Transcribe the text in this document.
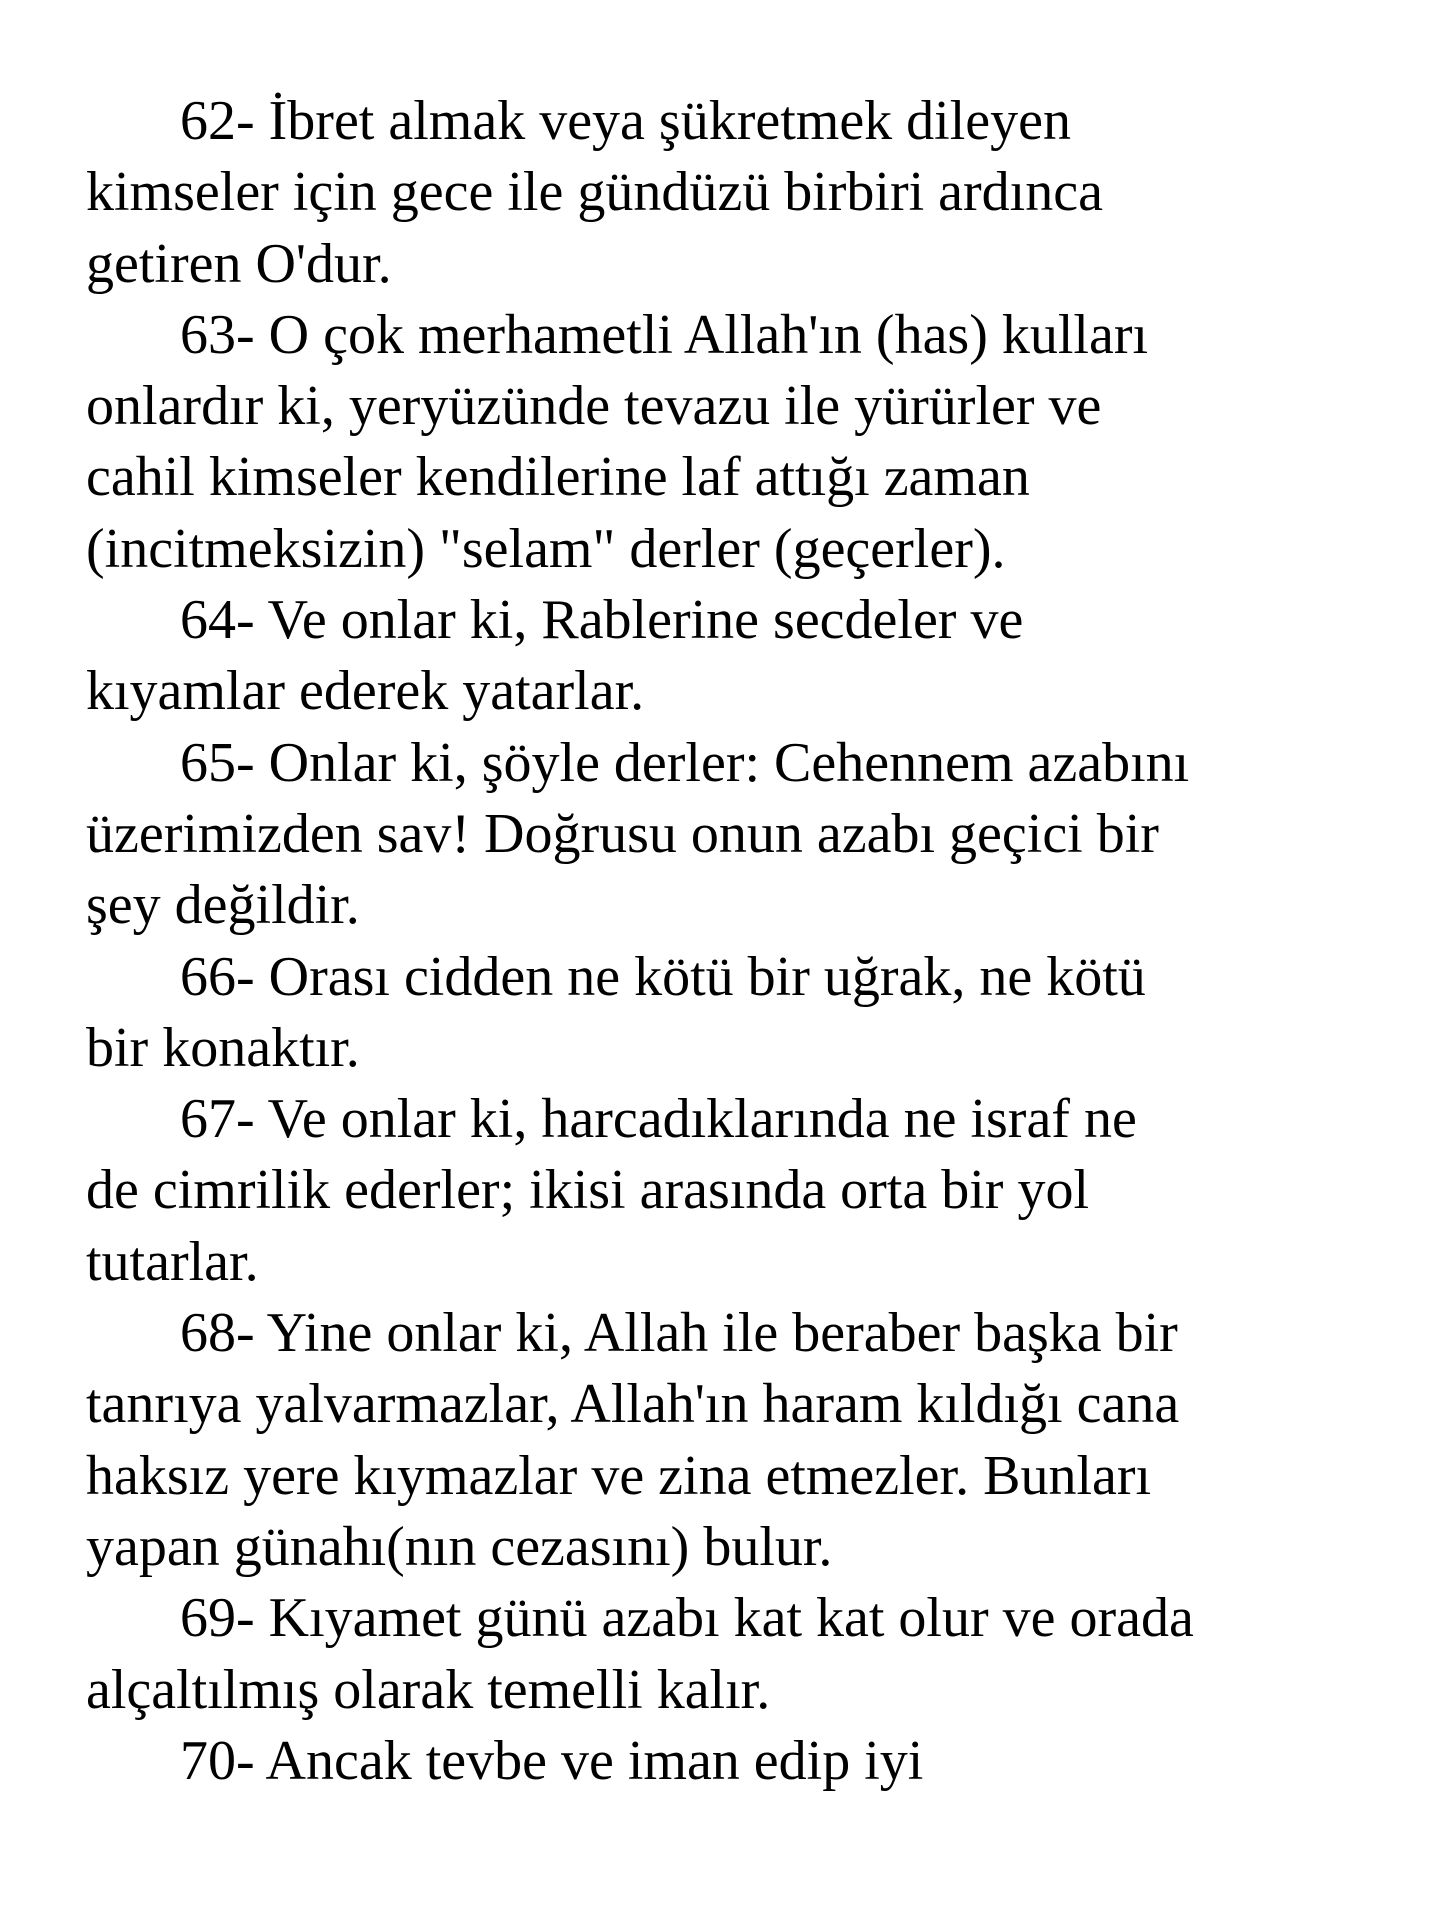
62- İbret almak veya şükretmek dileyen
kimseler için gece ile gündüzü birbiri ardınca
getiren O'dur.

63- O çok merhametli Allah'ın (has) kulları
onlardır ki, yeryüzünde tevazu ile yürürler ve
cahil kimseler kendilerine laf attığı zaman
(incitmeksizin) "selam" derler (geçerler).

64- Ve onlar ki, Rablerine secdeler ve
kıyamlar ederek yatarlar.

65- Onlar ki, şöyle derler: Cehennem azabını
üzerimizden sav! Doğrusu onun azabı geçici bir
şey değildir.

66- Orası cidden ne kötü bir uğrak, ne kötü
bir konaktır.

67- Ve onlar ki, harcadıklarında ne israf ne
de cimrilik ederler; ikisi arasında orta bir yol
tutarlar.

68- Yine onlar ki, Allah ile beraber başka bir
tanrıya yalvarmazlar, Allah'ın haram kıldığı cana
haksız yere kıymazlar ve zina etmezler. Bunları
yapan günahı(nın cezasını) bulur.

69- Kıyamet günü azabı kat kat olur ve orada
alçaltılmış olarak temelli kalır.

70- Ancak tevbe ve iman edip iyi
